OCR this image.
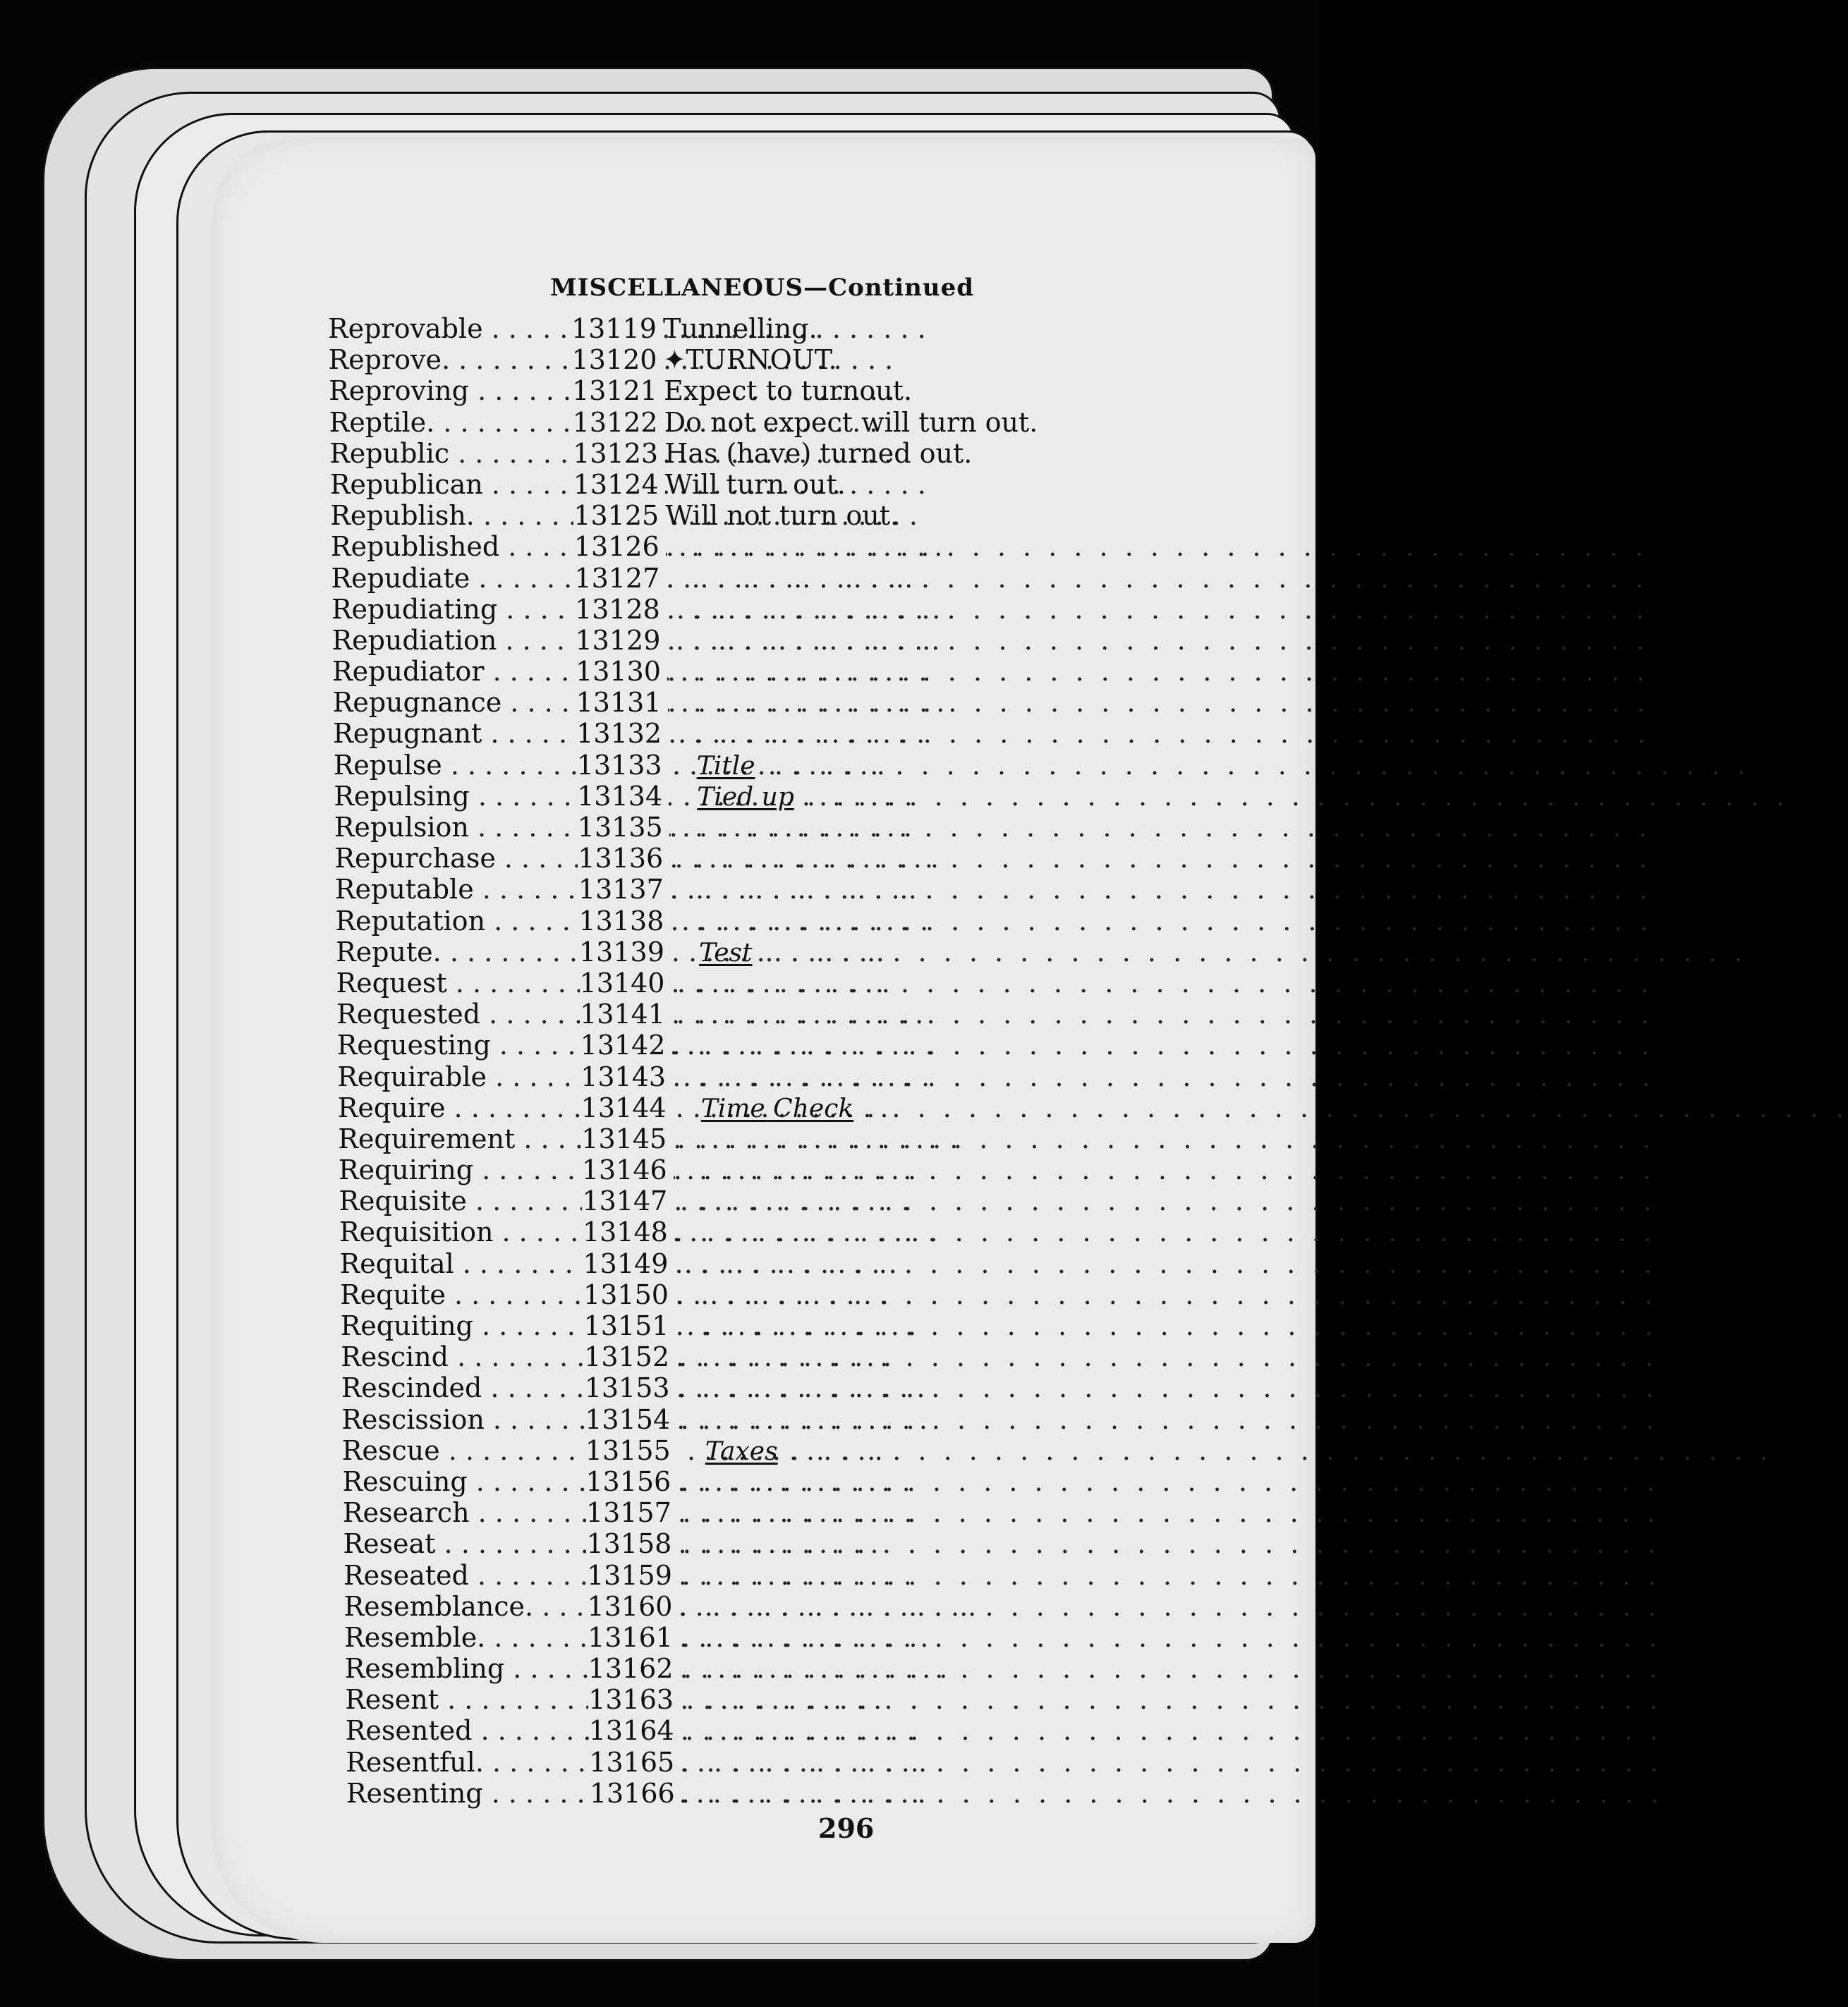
MISCELLANEOUS—Continued
Reprovable . . .	13119 Tunnelling.
Reprove. . . .	13120 ✦TURNOUT.
Reproving . . .	13121 Expect to turnout.
Reptile. . . .	13122 Do not expect will turn out.
Republic . . .	13123 Has (have) turned out.
Republican . . .	13124 Will turn out.
Republish. . . .	13125 Will not turn out.
Republished . . .	13126 . . . . . . . . . . . . . . . . . . . . . . . . . . . . . . . . . . . . . . .
Repudiate . . .	13127 . . . . . . . . . . . . . . . . . . . . . . . . . . . . . . . . . . . . . . .
Repudiating . . .	13128 . . . . . . . . . . . . . . . . . . . . . . . . . . . . . . . . . . . . . . .
Repudiation . . .	13129 . . . . . . . . . . . . . . . . . . . . . . . . . . . . . . . . . . . . . . .
Repudiator . . .	13130 . . . . . . . . . . . . . . . . . . . . . . . . . . . . . . . . . . . . . . .
Repugnance . . .	13131 . . . . . . . . . . . . . . . . . . . . . . . . . . . . . . . . . . . . . . .
Repugnant . . .	13132 . . . . . . . . . . . . . . . . . . . . . . . . . . . . . . . . . . . . . . .
Repulse . . .	13133	Title . . . . . . . . . . . . . . . . . . . . . . . . . . . . . . . . . . . . . . .
Repulsing . . .	13134	Tied up . . . . . . . . . . . . . . . . . . . . . . . . . . . . . . . . . . . . . . .
Repulsion . . .	13135 . . . . . . . . . . . . . . . . . . . . . . . . . . . . . . . . . . . . . . .
Repurchase . . .	13136 . . . . . . . . . . . . . . . . . . . . . . . . . . . . . . . . . . . . . . .
Reputable . . .	13137 . . . . . . . . . . . . . . . . . . . . . . . . . . . . . . . . . . . . . . .
Reputation . . .	13138 . . . . . . . . . . . . . . . . . . . . . . . . . . . . . . . . . . . . . . .
Repute. . . .	13139	Test . . . . . . . . . . . . . . . . . . . . . . . . . . . . . . . . . . . . . . .
Request . . .	13140 . . . . . . . . . . . . . . . . . . . . . . . . . . . . . . . . . . . . . . .
Requested . . .	13141 . . . . . . . . . . . . . . . . . . . . . . . . . . . . . . . . . . . . . . .
Requesting . . .	13142 . . . . . . . . . . . . . . . . . . . . . . . . . . . . . . . . . . . . . . .
Requirable . . .	13143 . . . . . . . . . . . . . . . . . . . . . . . . . . . . . . . . . . . . . . .
Require . . .	13144	Time Check . . . . . . . . . . . . . . . . . . . . . . . . . . . . . . . . . . . . . . .
Requirement . . .	13145 . . . . . . . . . . . . . . . . . . . . . . . . . . . . . . . . . . . . . . .
Requiring . . .	13146 . . . . . . . . . . . . . . . . . . . . . . . . . . . . . . . . . . . . . . .
Requisite . . .	13147 . . . . . . . . . . . . . . . . . . . . . . . . . . . . . . . . . . . . . . .
Requisition . . .	13148 . . . . . . . . . . . . . . . . . . . . . . . . . . . . . . . . . . . . . . .
Requital . . .	13149 . . . . . . . . . . . . . . . . . . . . . . . . . . . . . . . . . . . . . . .
Requite . . .	13150 . . . . . . . . . . . . . . . . . . . . . . . . . . . . . . . . . . . . . . .
Requiting . . .	13151 . . . . . . . . . . . . . . . . . . . . . . . . . . . . . . . . . . . . . . .
Rescind . . .	13152 . . . . . . . . . . . . . . . . . . . . . . . . . . . . . . . . . . . . . . .
Rescinded . . .	13153 . . . . . . . . . . . . . . . . . . . . . . . . . . . . . . . . . . . . . . .
Rescission . . .	13154 . . . . . . . . . . . . . . . . . . . . . . . . . . . . . . . . . . . . . . .
Rescue . . .	13155	Taxes . . . . . . . . . . . . . . . . . . . . . . . . . . . . . . . . . . . . . . .
Rescuing . . .	13156 . . . . . . . . . . . . . . . . . . . . . . . . . . . . . . . . . . . . . . .
Research . . .	13157 . . . . . . . . . . . . . . . . . . . . . . . . . . . . . . . . . . . . . . .
Reseat . . .	13158 . . . . . . . . . . . . . . . . . . . . . . . . . . . . . . . . . . . . . . .
Reseated . . .	13159 . . . . . . . . . . . . . . . . . . . . . . . . . . . . . . . . . . . . . . .
Resemblance. . . .	13160 . . . . . . . . . . . . . . . . . . . . . . . . . . . . . . . . . . . . . . .
Resemble. . . .	13161 . . . . . . . . . . . . . . . . . . . . . . . . . . . . . . . . . . . . . . .
Resembling . . .	13162 . . . . . . . . . . . . . . . . . . . . . . . . . . . . . . . . . . . . . . .
Resent . . .	13163 . . . . . . . . . . . . . . . . . . . . . . . . . . . . . . . . . . . . . . .
Resented . . .	13164 . . . . . . . . . . . . . . . . . . . . . . . . . . . . . . . . . . . . . . .
Resentful. . . .	13165 . . . . . . . . . . . . . . . . . . . . . . . . . . . . . . . . . . . . . . .
Resenting . . .	13166 . . . . . . . . . . . . . . . . . . . . . . . . . . . . . . . . . . . . . . .
296
